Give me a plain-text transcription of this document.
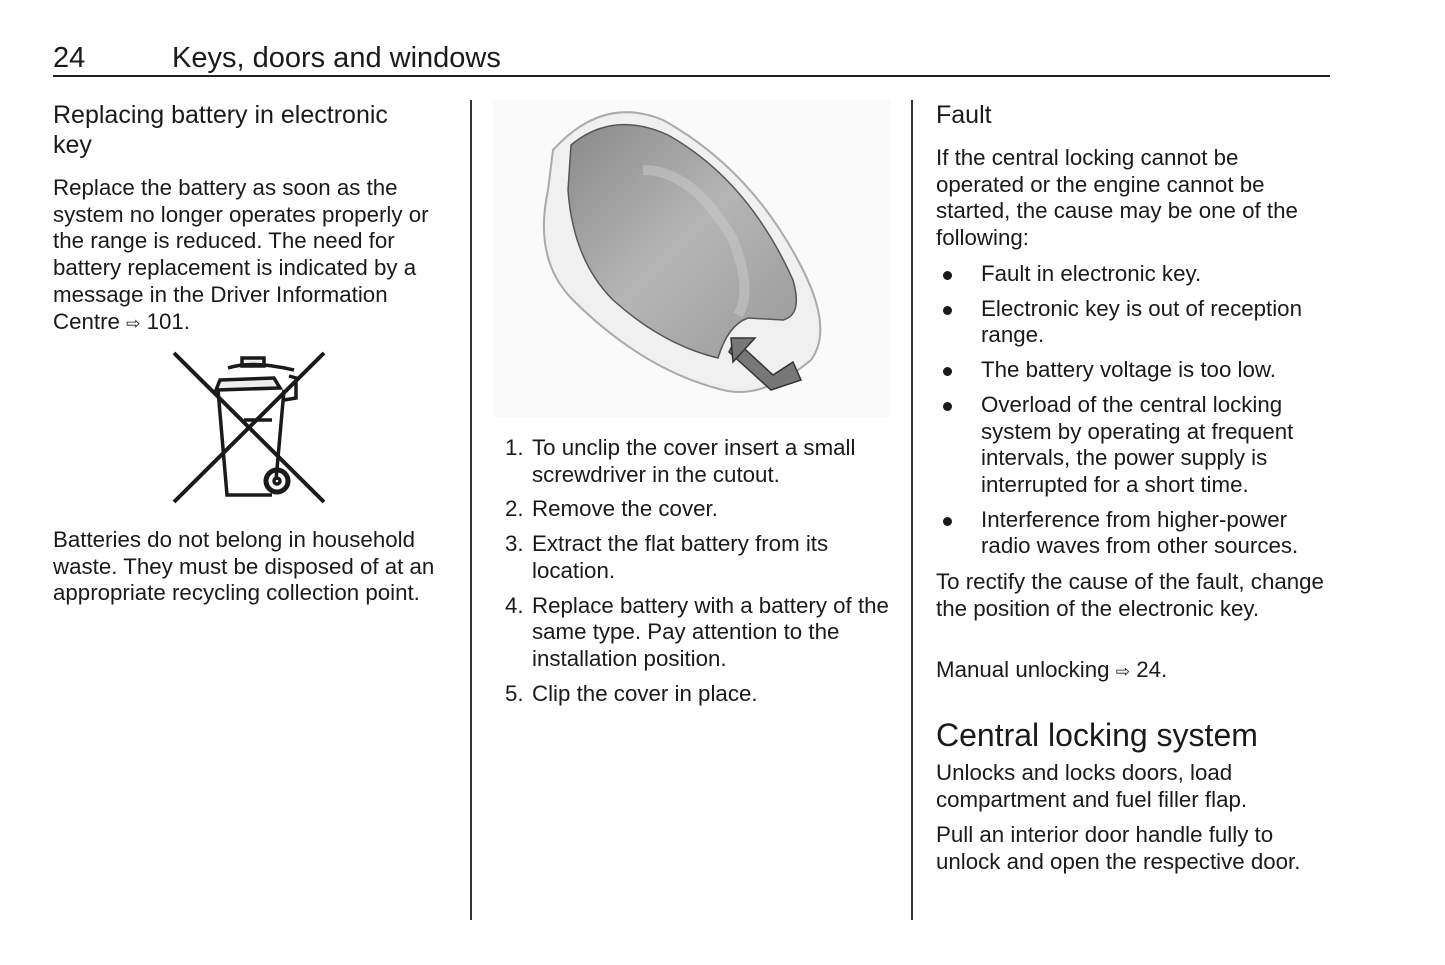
24	Keys, doors and windows
Replacing battery in electronic key
Replace the battery as soon as the system no longer operates properly or the range is reduced. The need for battery replacement is indicated by a message in the Driver Information Centre ⇨ 101.
Batteries do not belong in household waste. They must be disposed of at an appropriate recycling collection point.
1. To unclip the cover insert a small screwdriver in the cutout.
2. Remove the cover.
3. Extract the flat battery from its location.
4. Replace battery with a battery of the same type. Pay attention to the installation position.
5. Clip the cover in place.
Fault
If the central locking cannot be operated or the engine cannot be started, the cause may be one of the following:
Fault in electronic key.
Electronic key is out of reception range.
The battery voltage is too low.
Overload of the central locking system by operating at frequent intervals, the power supply is interrupted for a short time.
Interference from higher-power radio waves from other sources.
To rectify the cause of the fault, change the position of the electronic key.
Manual unlocking ⇨ 24.
Central locking system
Unlocks and locks doors, load compartment and fuel filler flap.
Pull an interior door handle fully to unlock and open the respective door.
